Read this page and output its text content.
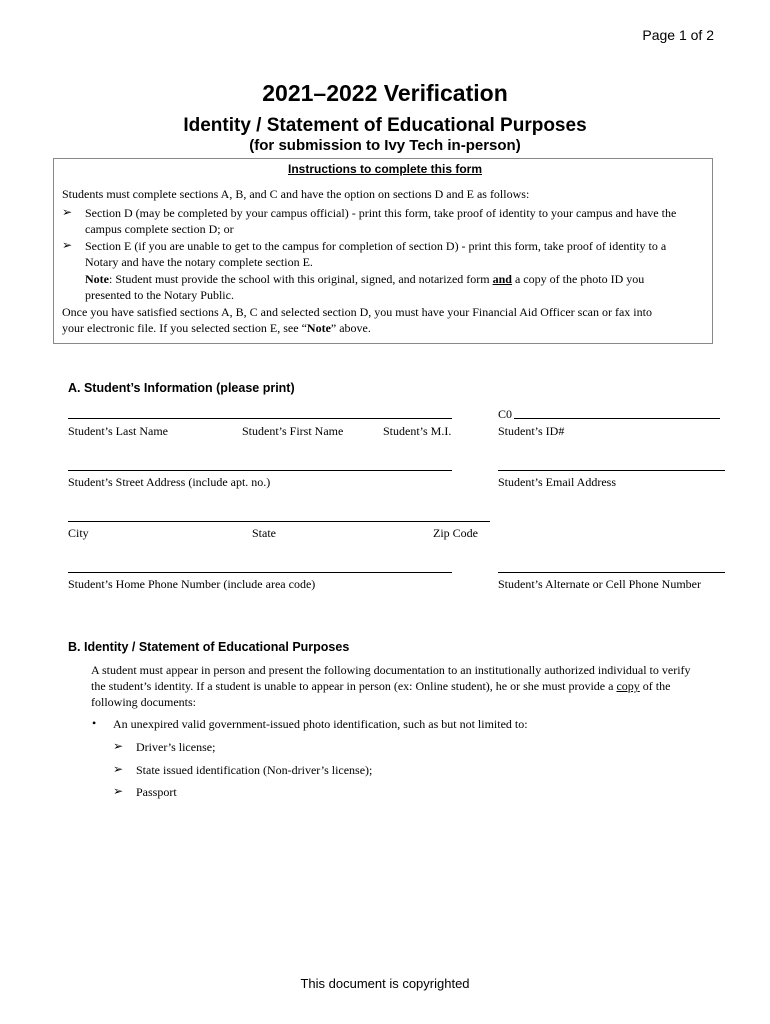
Page 1 of 2
2021–2022 Verification
Identity / Statement of Educational Purposes
(for submission to Ivy Tech in-person)
Instructions to complete this form
Students must complete sections A, B, and C and have the option on sections D and E as follows:
➢ Section D (may be completed by your campus official) - print this form, take proof of identity to your campus and have the
campus complete section D; or
➢ Section E (if you are unable to get to the campus for completion of section D) - print this form, take proof of identity to a
Notary and have the notary complete section E.
Note: Student must provide the school with this original, signed, and notarized form and a copy of the photo ID you
presented to the Notary Public.
Once you have satisfied sections A, B, C and selected section D, you must have your Financial Aid Officer scan or fax into
your electronic file. If you selected section E, see “Note” above.
A. Student’s Information (please print)
C0
Student’s Last Name	Student’s First Name	Student’s M.I.	Student’s ID#
Student’s Street Address (include apt. no.)	Student’s Email Address
City	State	Zip Code
Student’s Home Phone Number (include area code)	Student’s Alternate or Cell Phone Number
B. Identity / Statement of Educational Purposes
A student must appear in person and present the following documentation to an institutionally authorized individual to verify
the student’s identity. If a student is unable to appear in person (ex: Online student), he or she must provide a copy of the
following documents:
• An unexpired valid government-issued photo identification, such as but not limited to:
➢ Driver’s license;
➢ State issued identification (Non-driver’s license);
➢ Passport
This document is copyrighted
